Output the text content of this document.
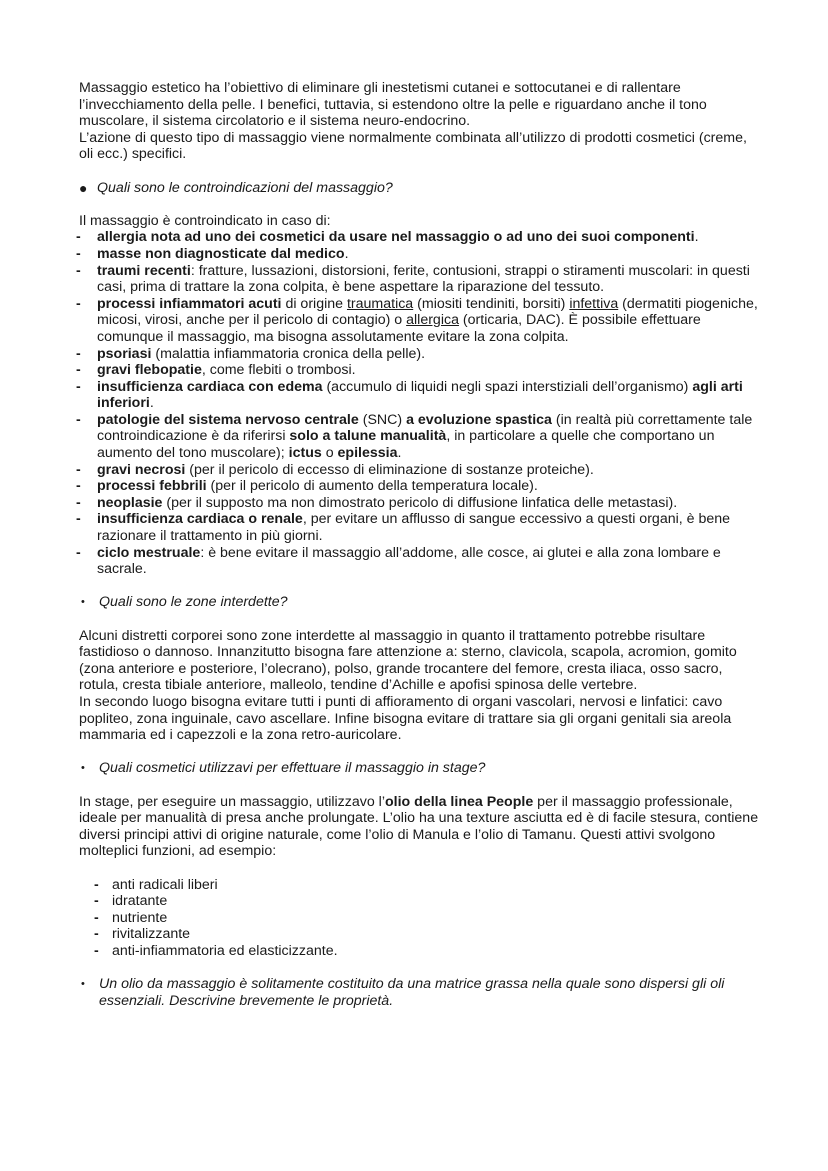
Massaggio estetico ha l’obiettivo di eliminare gli inestetismi cutanei e sottocutanei e di rallentare l’invecchiamento della pelle. I benefici, tuttavia, si estendono oltre la pelle e riguardano anche il tono muscolare, il sistema circolatorio e il sistema neuro-endocrino.

L’azione di questo tipo di massaggio viene normalmente combinata all’utilizzo di prodotti cosmetici (creme, oli ecc.) specifici.

● Quali sono le controindicazioni del massaggio?

Il massaggio è controindicato in caso di:

-	allergia nota ad uno dei cosmetici da usare nel massaggio o ad uno dei suoi componenti.
-	masse non diagnosticate dal medico.
-	traumi recenti: fratture, lussazioni, distorsioni, ferite, contusioni, strappi o stiramenti muscolari: in questi casi, prima di trattare la zona colpita, è bene aspettare la riparazione del tessuto.
-	processi infiammatori acuti di origine traumatica (miositi tendiniti, borsiti) infettiva (dermatiti piogeniche, micosi, virosi, anche per il pericolo di contagio) o allergica (orticaria, DAC). È possibile effettuare comunque il massaggio, ma bisogna assolutamente evitare la zona colpita.
-	psoriasi (malattia infiammatoria cronica della pelle).
-	gravi flebopatie, come flebiti o trombosi.
-	insufficienza cardiaca con edema (accumulo di liquidi negli spazi interstiziali dell’organismo) agli arti inferiori.
-	patologie del sistema nervoso centrale (SNC) a evoluzione spastica (in realtà più correttamente tale controindicazione è da riferirsi solo a talune manualità, in particolare a quelle che comportano un aumento del tono muscolare); ictus o epilessia.
-	gravi necrosi (per il pericolo di eccesso di eliminazione di sostanze proteiche).
-	processi febbrili (per il pericolo di aumento della temperatura locale).
-	neoplasie (per il supposto ma non dimostrato pericolo di diffusione linfatica delle metastasi).
-	insufficienza cardiaca o renale, per evitare un afflusso di sangue eccessivo a questi organi, è bene razionare il trattamento in più giorni.
-	ciclo mestruale: è bene evitare il massaggio all’addome, alle cosce, ai glutei e alla zona lombare e sacrale.
• Quali sono le zone interdette?

Alcuni distretti corporei sono zone interdette al massaggio in quanto il trattamento potrebbe risultare fastidioso o dannoso. Innanzitutto bisogna fare attenzione a: sterno, clavicola, scapola, acromion, gomito (zona anteriore e posteriore, l’olecrano), polso, grande trocantere del femore, cresta iliaca, osso sacro, rotula, cresta tibiale anteriore, malleolo, tendine d’Achille e apofisi spinosa delle vertebre.

In secondo luogo bisogna evitare tutti i punti di affioramento di organi vascolari, nervosi e linfatici: cavo popliteo, zona inguinale, cavo ascellare. Infine bisogna evitare di trattare sia gli organi genitali sia areola mammaria ed i capezzoli e la zona retro-auricolare.

• Quali cosmetici utilizzavi per effettuare il massaggio in stage?

In stage, per eseguire un massaggio, utilizzavo l’olio della linea People per il massaggio professionale, ideale per manualità di presa anche prolungate. L’olio ha una texture asciutta ed è di facile stesura, contiene diversi principi attivi di origine naturale, come l’olio di Manula e l’olio di Tamanu. Questi attivi svolgono molteplici funzioni, ad esempio:

- anti radicali liberi
- idratante
- nutriente
- rivitalizzante
- anti-infiammatoria ed elasticizzante.
• Un olio da massaggio è solitamente costituito da una matrice grassa nella quale sono dispersi gli oli essenziali. Descrivine brevemente le proprietà.
